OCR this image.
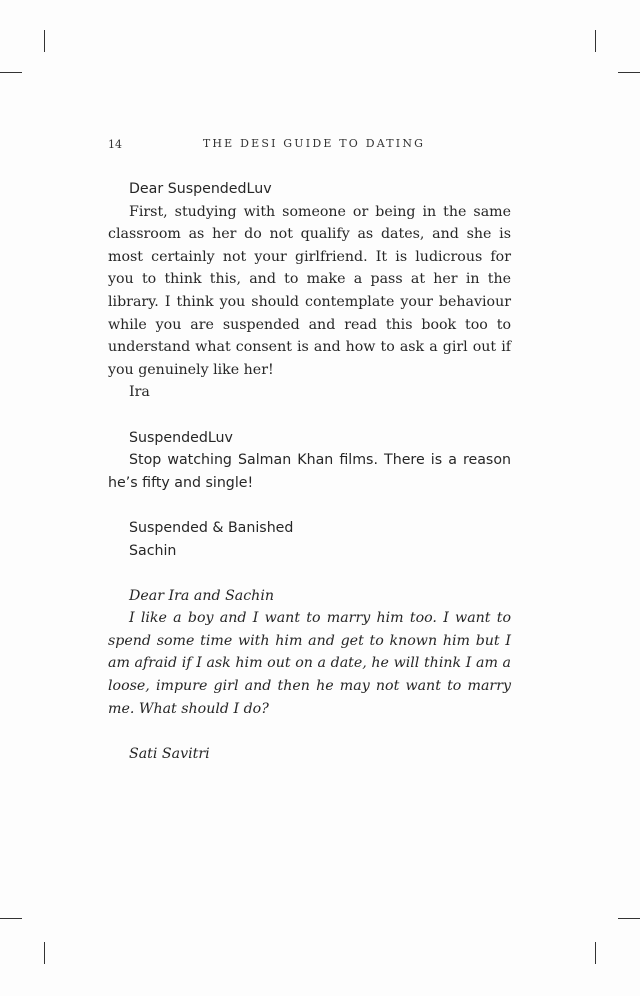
14	THE DESI GUIDE TO DATING

Dear SuspendedLuv

First, studying with someone or being in the same classroom as her do not qualify as dates, and she is most certainly not your girlfriend. It is ludicrous for you to think this, and to make a pass at her in the library. I think you should contemplate your behaviour while you are suspended and read this book too to understand what consent is and how to ask a girl out if you genuinely like her!

Ira

SuspendedLuv

Stop watching Salman Khan films. There is a reason he’s fifty and single!

Suspended & Banished

Sachin

Dear Ira and Sachin

I like a boy and I want to marry him too. I want to spend some time with him and get to known him but I am afraid if I ask him out on a date, he will think I am a loose, impure girl and then he may not want to marry me. What should I do?

Sati Savitri
